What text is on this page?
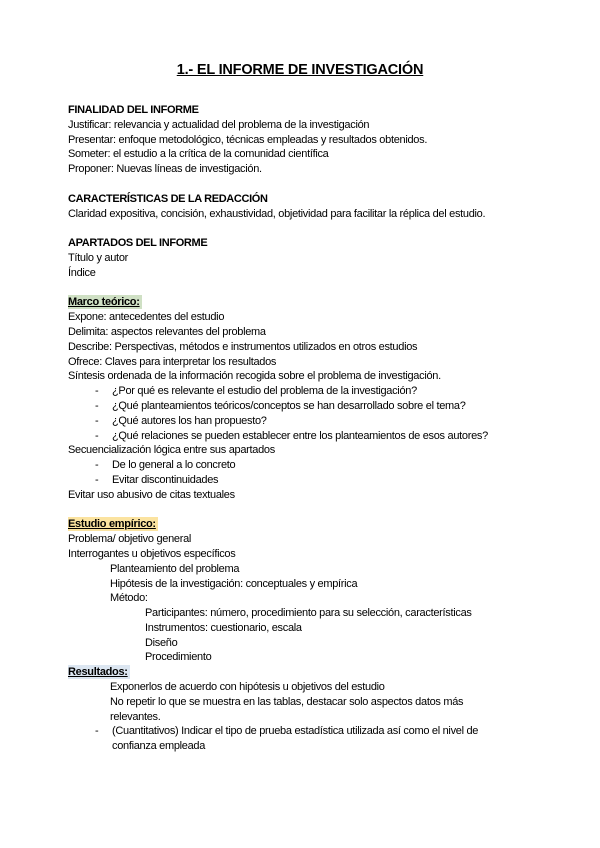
1.- EL INFORME DE INVESTIGACIÓN
FINALIDAD DEL INFORME
Justificar: relevancia y actualidad del problema de la investigación
Presentar: enfoque metodológico, técnicas empleadas y resultados obtenidos.
Someter: el estudio a la crítica de la comunidad científica
Proponer: Nuevas líneas de investigación.
CARACTERÍSTICAS DE LA REDACCIÓN
Claridad expositiva, concisión, exhaustividad, objetividad para facilitar la réplica del estudio.
APARTADOS DEL INFORME
Título y autor
Índice
Marco teórico:
Expone: antecedentes del estudio
Delimita: aspectos relevantes del problema
Describe: Perspectivas, métodos e instrumentos utilizados en otros estudios
Ofrece: Claves para interpretar los resultados
Síntesis ordenada de la información recogida sobre el problema de investigación.
-	¿Por qué es relevante el estudio del problema de la investigación?
-	¿Qué planteamientos teóricos/conceptos se han desarrollado sobre el tema?
-	¿Qué autores los han propuesto?
-	¿Qué relaciones se pueden establecer entre los planteamientos de esos autores?
Secuencialización lógica entre sus apartados
-	De lo general a lo concreto
-	Evitar discontinuidades
Evitar uso abusivo de citas textuales
Estudio empírico:
Problema/ objetivo general
Interrogantes u objetivos específicos
Planteamiento del problema
Hipótesis de la investigación: conceptuales y empírica
Método:
Participantes: número, procedimiento para su selección, características
Instrumentos: cuestionario, escala
Diseño
Procedimiento
Resultados:
Exponerlos de acuerdo con hipótesis u objetivos del estudio
No repetir lo que se muestra en las tablas, destacar solo aspectos datos más
relevantes.
-	(Cuantitativos) Indicar el tipo de prueba estadística utilizada así como el nivel de
confianza empleada
